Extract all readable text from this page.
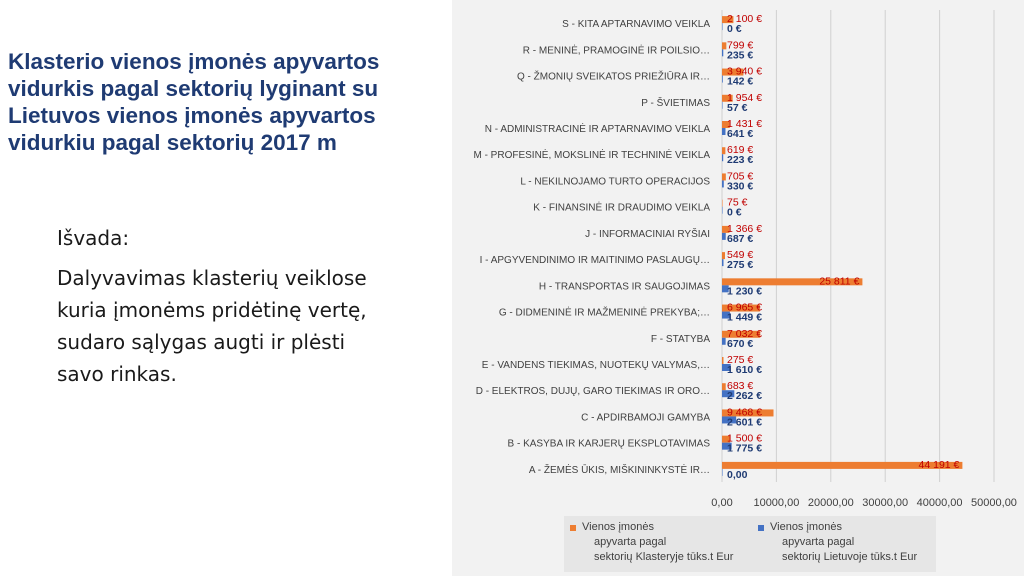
Klasterio vienos įmonės apyvartos vidurkis pagal sektorių lyginant su Lietuvos vienos įmonės apyvartos vidurkiu pagal sektorių 2017 m

Išvada:

Dalyvavimas klasterių veiklose kuria įmonėms pridėtinę vertę, sudaro sąlygas augti ir plėsti savo rinkas.

0,00 10000,00 20000,00 30000,00 40000,00 50000,00
A - ŽEMĖS ŪKIS, MIŠKININKYSTĖ IR…	44 191 €
0,00
B - KASYBA IR KARJERŲ EKSPLOTAVIMAS 1 500 €
1 775 €
C - APDIRBAMOJI GAMYBA 9 468 €
2 601 €
D - ELEKTROS, DUJŲ, GARO TIEKIMAS IR ORO… 683 €
2 262 €
E - VANDENS TIEKIMAS, NUOTEKŲ VALYMAS,… 275 €
1 610 €
F - STATYBA 7 032 €
670 €
G - DIDMENINĖ IR MAŽMENINĖ PREKYBA;… 6 965 €
1 449 €
H - TRANSPORTAS IR SAUGOJIMAS	25 811 €
1 230 €
I - APGYVENDINIMO IR MAITINIMO PASLAUGŲ… 549 €
275 €
J - INFORMACINIAI RYŠIAI 1 366 €
687 €
K - FINANSINĖ IR DRAUDIMO VEIKLA 75 €
0 €
L - NEKILNOJAMO TURTO OPERACIJOS 705 €
330 €
M - PROFESINĖ, MOKSLINĖ IR TECHNINĖ VEIKLA 619 €
223 €
N - ADMINISTRACINĖ IR APTARNAVIMO VEIKLA 1 431 €
641 €
P - ŠVIETIMAS 1 954 €
57 €
Q - ŽMONIŲ SVEIKATOS PRIEŽIŪRA IR… 3 940 €
142 €
R - MENINĖ, PRAMOGINĖ IR POILSIO… 799 €
235 €
S - KITA APTARNAVIMO VEIKLA 2 100 €
0 €
Vienos įmonės
apyvarta pagal
sektorių Klasteryje tūks.t Eur
Vienos įmonės
apyvarta pagal
sektorių Lietuvoje tūks.t Eur
